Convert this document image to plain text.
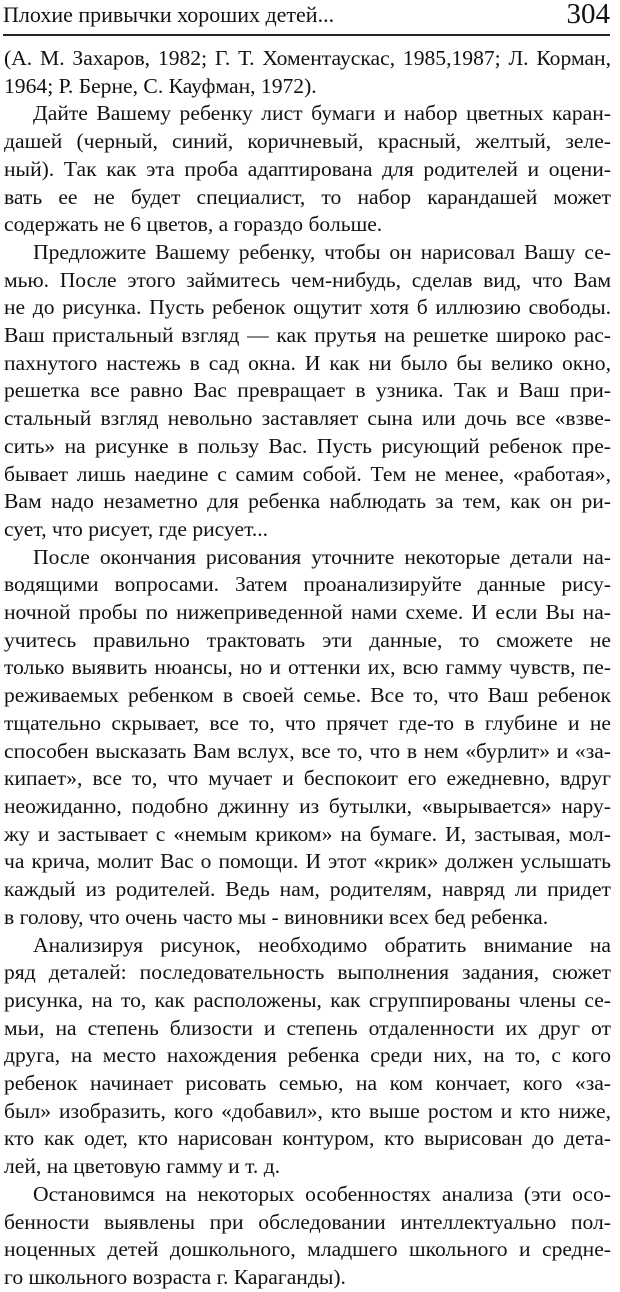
Плохие привычки хороших детей...	304
(А. М. Захаров, 1982; Г. Т. Хоментаускас, 1985,1987; Л. Корман,
1964; Р. Берне, С. Кауфман, 1972).
Дайте Вашему ребенку лист бумаги и набор цветных каран-
дашей (черный, синий, коричневый, красный, желтый, зеле-
ный). Так как эта проба адаптирована для родителей и оцени-
вать ее не будет специалист, то набор карандашей может
содержать не 6 цветов, а гораздо больше.
Предложите Вашему ребенку, чтобы он нарисовал Вашу се-
мью. После этого займитесь чем-нибудь, сделав вид, что Вам
не до рисунка. Пусть ребенок ощутит хотя б иллюзию свободы.
Ваш пристальный взгляд — как прутья на решетке широко рас-
пахнутого настежь в сад окна. И как ни было бы велико окно,
решетка все равно Вас превращает в узника. Так и Ваш при-
стальный взгляд невольно заставляет сына или дочь все «взве-
сить» на рисунке в пользу Вас. Пусть рисующий ребенок пре-
бывает лишь наедине с самим собой. Тем не менее, «работая»,
Вам надо незаметно для ребенка наблюдать за тем, как он ри-
сует, что рисует, где рисует...
После окончания рисования уточните некоторые детали на-
водящими вопросами. Затем проанализируйте данные рису-
ночной пробы по нижеприведенной нами схеме. И если Вы на-
учитесь правильно трактовать эти данные, то сможете не
только выявить нюансы, но и оттенки их, всю гамму чувств, пе-
реживаемых ребенком в своей семье. Все то, что Ваш ребенок
тщательно скрывает, все то, что прячет где-то в глубине и не
способен высказать Вам вслух, все то, что в нем «бурлит» и «за-
кипает», все то, что мучает и беспокоит его ежедневно, вдруг
неожиданно, подобно джинну из бутылки, «вырывается» нару-
жу и застывает с «немым криком» на бумаге. И, застывая, мол-
ча крича, молит Вас о помощи. И этот «крик» должен услышать
каждый из родителей. Ведь нам, родителям, навряд ли придет
в голову, что очень часто мы - виновники всех бед ребенка.
Анализируя рисунок, необходимо обратить внимание на
ряд деталей: последовательность выполнения задания, сюжет
рисунка, на то, как расположены, как сгруппированы члены се-
мьи, на степень близости и степень отдаленности их друг от
друга, на место нахождения ребенка среди них, на то, с кого
ребенок начинает рисовать семью, на ком кончает, кого «за-
был» изобразить, кого «добавил», кто выше ростом и кто ниже,
кто как одет, кто нарисован контуром, кто вырисован до дета-
лей, на цветовую гамму и т. д.
Остановимся на некоторых особенностях анализа (эти осо-
бенности выявлены при обследовании интеллектуально пол-
ноценных детей дошкольного, младшего школьного и средне-
го школьного возраста г. Караганды).
